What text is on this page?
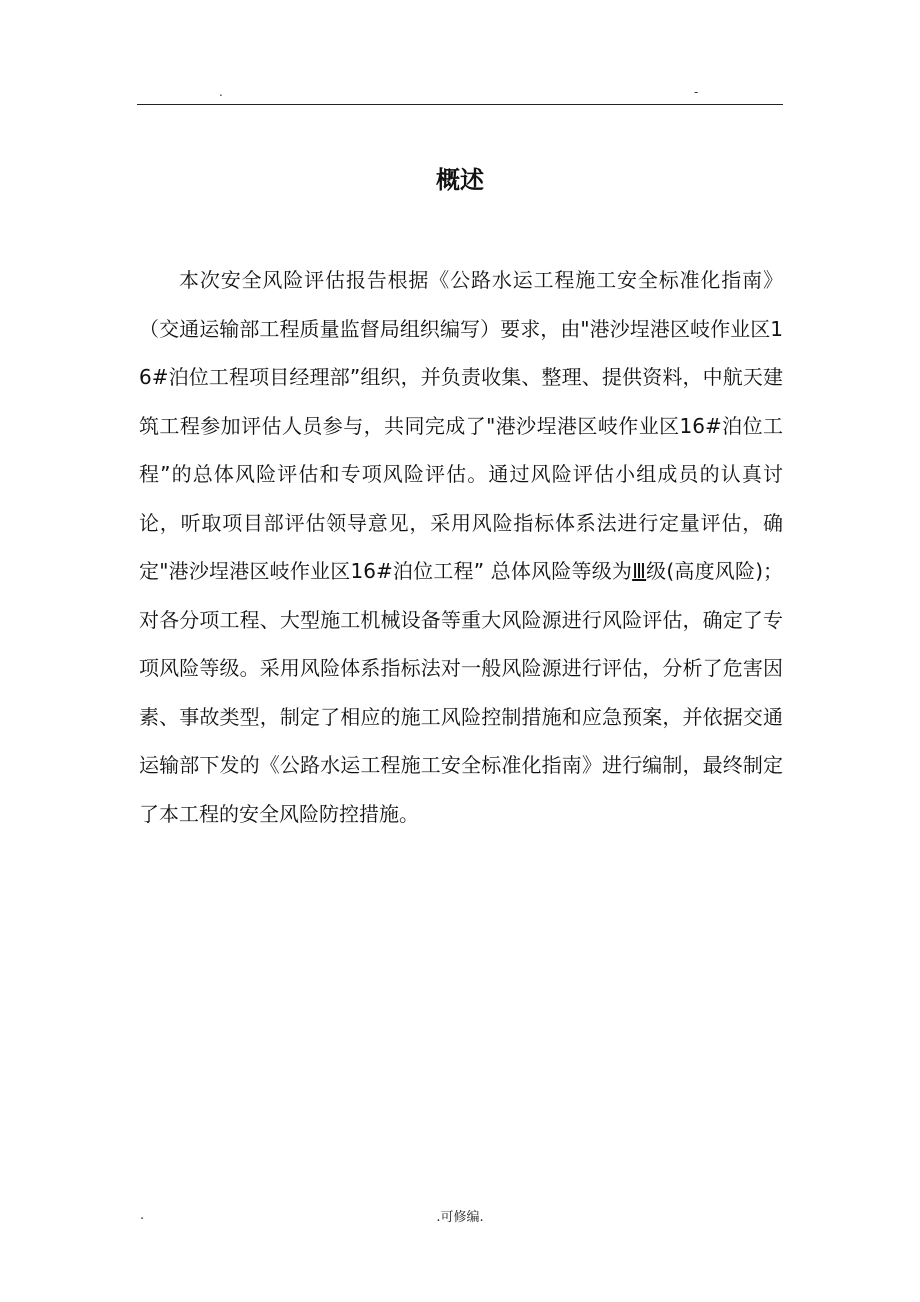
.	-
概述

本次安全风险评估报告根据《公路水运工程施工安全标准化指南》（交通运输部工程质量监督局组织编写）要求，由"港沙埕港区岐作业区16#泊位工程项目经理部”组织，并负责收集、整理、提供资料，中航天建筑工程参加评估人员参与，共同完成了"港沙埕港区岐作业区16#泊位工程”的总体风险评估和专项风险评估。通过风险评估小组成员的认真讨论，听取项目部评估领导意见，采用风险指标体系法进行定量评估，确定"港沙埕港区岐作业区16#泊位工程” 总体风险等级为Ⅲ级(高度风险)；对各分项工程、大型施工机械设备等重大风险源进行风险评估，确定了专项风险等级。采用风险体系指标法对一般风险源进行评估，分析了危害因素、事故类型，制定了相应的施工风险控制措施和应急预案，并依据交通运输部下发的《公路水运工程施工安全标准化指南》进行编制，最终制定了本工程的安全风险防控措施。

.	.可修编.
